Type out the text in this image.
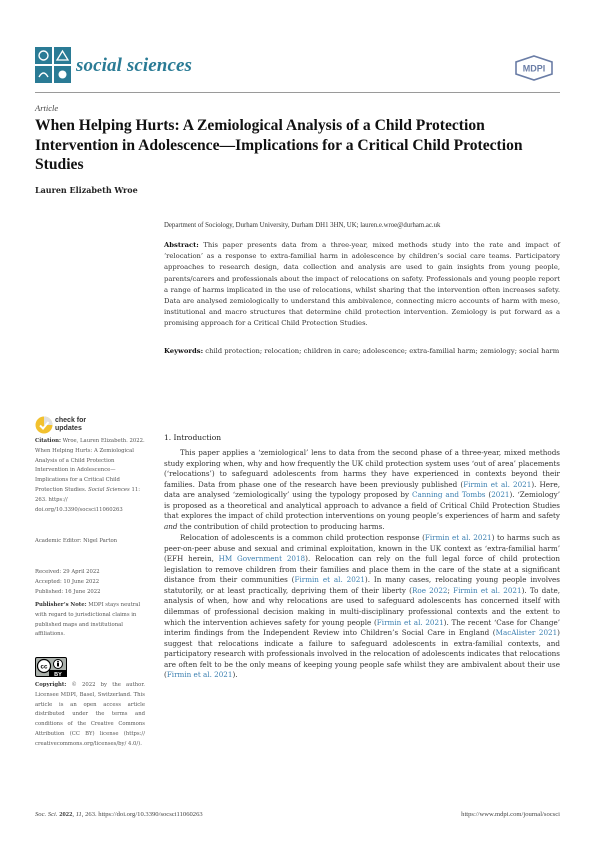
social sciences	MDPI
Article
When Helping Hurts: A Zemiological Analysis of a Child Protection Intervention in Adolescence—Implications for a Critical Child Protection Studies
Lauren Elizabeth Wroe
Department of Sociology, Durham University, Durham DH1 3HN, UK; lauren.e.wroe@durham.ac.uk
Abstract: This paper presents data from a three-year, mixed methods study into the rate and impact of ‘relocation’ as a response to extra-familial harm in adolescence by children’s social care teams. Participatory approaches to research design, data collection and analysis are used to gain insights from young people, parents/carers and professionals about the impact of relocations on safety. Professionals and young people report a range of harms implicated in the use of relocations, whilst sharing that the intervention often increases safety. Data are analysed zemiologically to understand this ambivalence, connecting micro accounts of harm with meso, institutional and macro structures that determine child protection intervention. Zemiology is put forward as a promising approach for a Critical Child Protection Studies.
Keywords: child protection; relocation; children in care; adolescence; extra-familial harm; zemiology; social harm
check for
updates
Citation: Wroe, Lauren Elizabeth. 2022. When Helping Hurts: A Zemiological Analysis of a Child Protection Intervention in Adolescence—Implications for a Critical Child Protection Studies. Social Sciences 11: 263. https:// doi.org/10.3390/socsci11060263
Academic Editor: Nigel Parton
Received: 29 April 2022
Accepted: 10 June 2022
Published: 16 June 2022
Publisher’s Note: MDPI stays neutral with regard to jurisdictional claims in published maps and institutional affiliations.
cc
BY
Copyright: © 2022 by the author. Licensee MDPI, Basel, Switzerland. This article is an open access article distributed under the terms and conditions of the Creative Commons Attribution (CC BY) license (https:// creativecommons.org/licenses/by/ 4.0/).
1. Introduction

This paper applies a ‘zemiological’ lens to data from the second phase of a three-year, mixed methods study exploring when, why and how frequently the UK child protection system uses ‘out of area’ placements (‘relocations’) to safeguard adolescents from harms they have experienced in contexts beyond their families. Data from phase one of the research have been previously published (Firmin et al. 2021). Here, data are analysed ‘zemiologically’ using the typology proposed by Canning and Tombs (2021). ‘Zemiology’ is proposed as a theoretical and analytical approach to advance a field of Critical Child Protection Studies that explores the impact of child protection interventions on young people’s experiences of harm and safety and the contribution of child protection to producing harms.

Relocation of adolescents is a common child protection response (Firmin et al. 2021) to harms such as peer-on-peer abuse and sexual and criminal exploitation, known in the UK context as ‘extra-familial harm’ (EFH herein, HM Government 2018). Relocation can rely on the full legal force of child protection legislation to remove children from their families and place them in the care of the state at a significant distance from their communities (Firmin et al. 2021). In many cases, relocating young people involves statutorily, or at least practically, depriving them of their liberty (Roe 2022; Firmin et al. 2021). To date, analysis of when, how and why relocations are used to safeguard adolescents has concerned itself with dilemmas of professional decision making in multi-disciplinary professional contexts and the extent to which the intervention achieves safety for young people (Firmin et al. 2021). The recent ‘Case for Change’ interim findings from the Independent Review into Children’s Social Care in England (MacAlister 2021) suggest that relocations indicate a failure to safeguard adolescents in extra-familial contexts, and participatory research with professionals involved in the relocation of adolescents indicates that relocations are often felt to be the only means of keeping young people safe whilst they are ambivalent about their use (Firmin et al. 2021).

Soc. Sci. 2022, 11, 263. https://doi.org/10.3390/socsci11060263	https://www.mdpi.com/journal/socsci
